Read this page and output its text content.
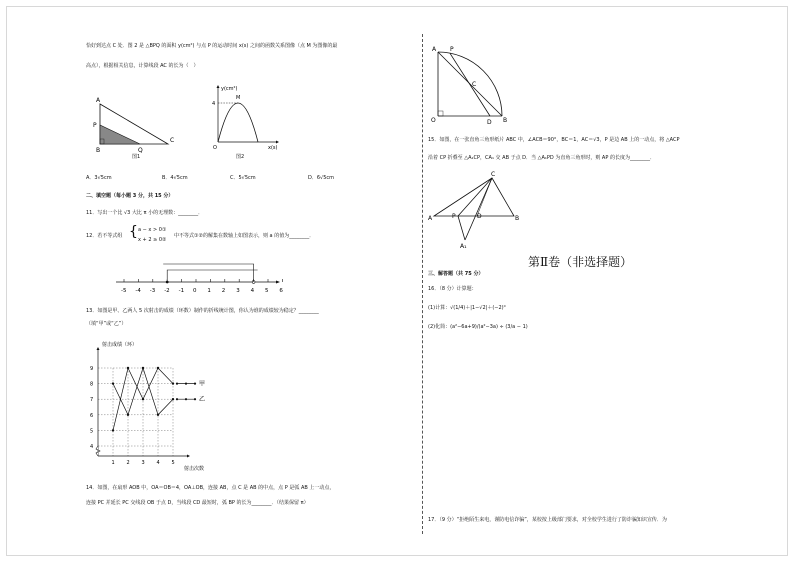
恰好到达点 C 处．图 2 是 △BPQ 的面积 y(cm²) 与点 P 的运动时间 x(s) 之间的函数关系图像（点 M 为图像的最
高点），根据相关信息，计算线段 AC 的长为（　）
A
P
B	Q
C
图1
y(cm²)
M
4
O	x(s)
图2
A．3√5cm	B．4√5cm	C．5√5cm	D．6√5cm
二、填空题（每小题 3 分，共 15 分）
11．写出一个比 √3 大比 π 小的无理数：________．
12．若不等式组 { a − x > 0①
x + 2 ≥ 0②
中不等式①②的解集在数轴上如图表示，则 a 的值为________．
-5 -4 -3 -2 -1 0 1 2 3 4 5 6
13．如图是甲、乙两人 5 次射击的成绩（环数）制作的折线统计图，你认为谁的成绩较为稳定？________
（填“甲”或“乙”）
射击成绩（环）
4
5
6
7
8
9
1 2 3 4 5
甲
乙
射击次数
14．如图，在扇形 AOB 中，OA＝OB＝4，OA⊥OB，连接 AB，点 C 是 AB 的中点，点 P 是弧 AB 上一动点，
连接 PC 并延长 PC 交线段 OB 于点 D，当线段 CD 最短时，弧 BP 的长为________．（结果保留 π）
A P
C
O	D B
15．如图，在一张直角三角形纸片 ABC 中，∠ACB＝90°，BC＝1，AC＝√3，P 是边 AB 上的一动点，将 △ACP
沿着 CP 折叠至 △A₁CP，CA₁ 交 AB 于点 D．当 △A₁PD 为直角三角形时，则 AP 的长度为________．
C
A	P	D	B
A₁
第Ⅱ卷（非选择题）
三、解答题（共 75 分）
16．（8 分）计算题：
(1)计算：√(1/4)＋|1−√2|＋(−2)⁰
(2)化简：(a²−6a+9)/(a²−3a) ÷ (3/a − 1)
17．（9 分）“拒绝陌生来电，谨防电信诈骗”，某校按上级部门要求，对全校学生进行了防诈骗知识宣传．为
